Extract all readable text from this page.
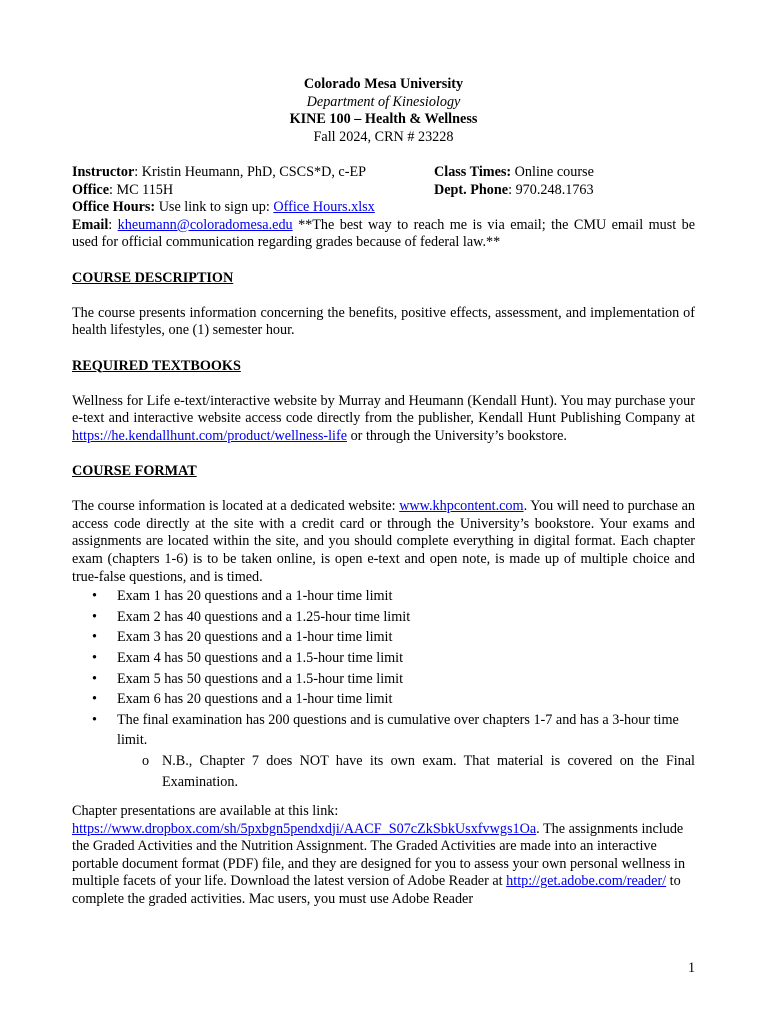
Colorado Mesa University
Department of Kinesiology
KINE 100 – Health & Wellness
Fall 2024, CRN # 23228
Instructor: Kristin Heumann, PhD, CSCS*D, c-EP	Class Times: Online course
Office: MC 115H	Dept. Phone: 970.248.1763
Office Hours: Use link to sign up: Office Hours.xlsx
Email: kheumann@coloradomesa.edu **The best way to reach me is via email; the CMU email must be used for official communication regarding grades because of federal law.**

COURSE DESCRIPTION

The course presents information concerning the benefits, positive effects, assessment, and implementation of health lifestyles, one (1) semester hour.

REQUIRED TEXTBOOKS

Wellness for Life e-text/interactive website by Murray and Heumann (Kendall Hunt). You may purchase your e-text and interactive website access code directly from the publisher, Kendall Hunt Publishing Company at https://he.kendallhunt.com/product/wellness-life or through the University’s bookstore.

COURSE FORMAT

The course information is located at a dedicated website: www.khpcontent.com. You will need to purchase an access code directly at the site with a credit card or through the University’s bookstore. Your exams and assignments are located within the site, and you should complete everything in digital format. Each chapter exam (chapters 1-6) is to be taken online, is open e-text and open note, is made up of multiple choice and true-false questions, and is timed.
• Exam 1 has 20 questions and a 1-hour time limit
• Exam 2 has 40 questions and a 1.25-hour time limit
• Exam 3 has 20 questions and a 1-hour time limit
• Exam 4 has 50 questions and a 1.5-hour time limit
• Exam 5 has 50 questions and a 1.5-hour time limit
• Exam 6 has 20 questions and a 1-hour time limit
• The final examination has 200 questions and is cumulative over chapters 1-7 and has a 3-hour time limit.
o N.B., Chapter 7 does NOT have its own exam. That material is covered on the Final Examination.
Chapter presentations are available at this link:
https://www.dropbox.com/sh/5pxbgn5pendxdji/AACF_S07cZkSbkUsxfvwgs1Oa. The assignments include the Graded Activities and the Nutrition Assignment. The Graded Activities are made into an interactive portable document format (PDF) file, and they are designed for you to assess your own personal wellness in multiple facets of your life. Download the latest version of Adobe Reader at http://get.adobe.com/reader/ to complete the graded activities. Mac users, you must use Adobe Reader
1
